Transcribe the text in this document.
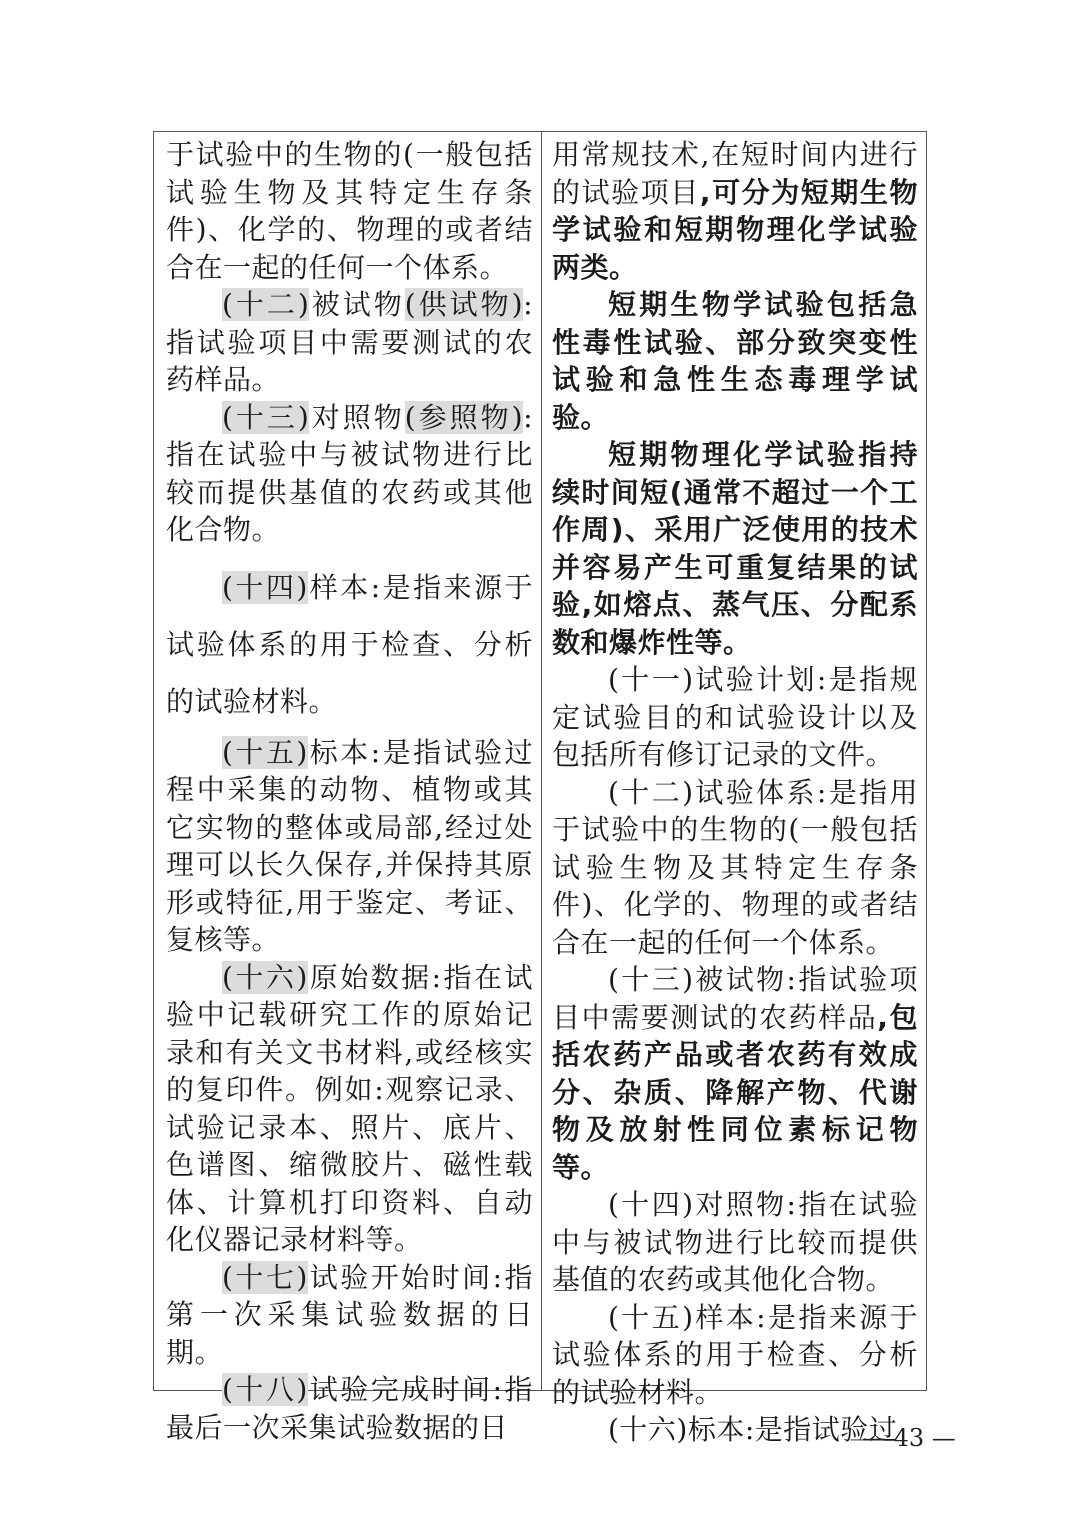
于试验中的生物的(一般包括试验生物及其特定生存条件)、化学的、物理的或者结合在一起的任何一个体系。

(十二)被试物(供试物):指试验项目中需要测试的农药样品。

(十三)对照物(参照物):指在试验中与被试物进行比较而提供基值的农药或其他化合物。

(十四)样本:是指来源于试验体系的用于检查、分析的试验材料。

(十五)标本:是指试验过程中采集的动物、植物或其它实物的整体或局部,经过处理可以长久保存,并保持其原形或特征,用于鉴定、考证、复核等。

(十六)原始数据:指在试验中记载研究工作的原始记录和有关文书材料,或经核实的复印件。例如:观察记录、试验记录本、照片、底片、色谱图、缩微胶片、磁性载体、计算机打印资料、自动化仪器记录材料等。

(十七)试验开始时间:指第一次采集试验数据的日期。

(十八)试验完成时间:指最后一次采集试验数据的日

用常规技术,在短时间内进行的试验项目,可分为短期生物学试验和短期物理化学试验两类。

短期生物学试验包括急性毒性试验、部分致突变性试验和急性生态毒理学试验。

短期物理化学试验指持续时间短(通常不超过一个工作周)、采用广泛使用的技术并容易产生可重复结果的试验,如熔点、蒸气压、分配系数和爆炸性等。

(十一)试验计划:是指规定试验目的和试验设计以及包括所有修订记录的文件。

(十二)试验体系:是指用于试验中的生物的(一般包括试验生物及其特定生存条件)、化学的、物理的或者结合在一起的任何一个体系。

(十三)被试物:指试验项目中需要测试的农药样品,包括农药产品或者农药有效成分、杂质、降解产物、代谢物及放射性同位素标记物等。

(十四)对照物:指在试验中与被试物进行比较而提供基值的农药或其他化合物。

(十五)样本:是指来源于试验体系的用于检查、分析的试验材料。

(十六)标本:是指试验过

— 43 —
